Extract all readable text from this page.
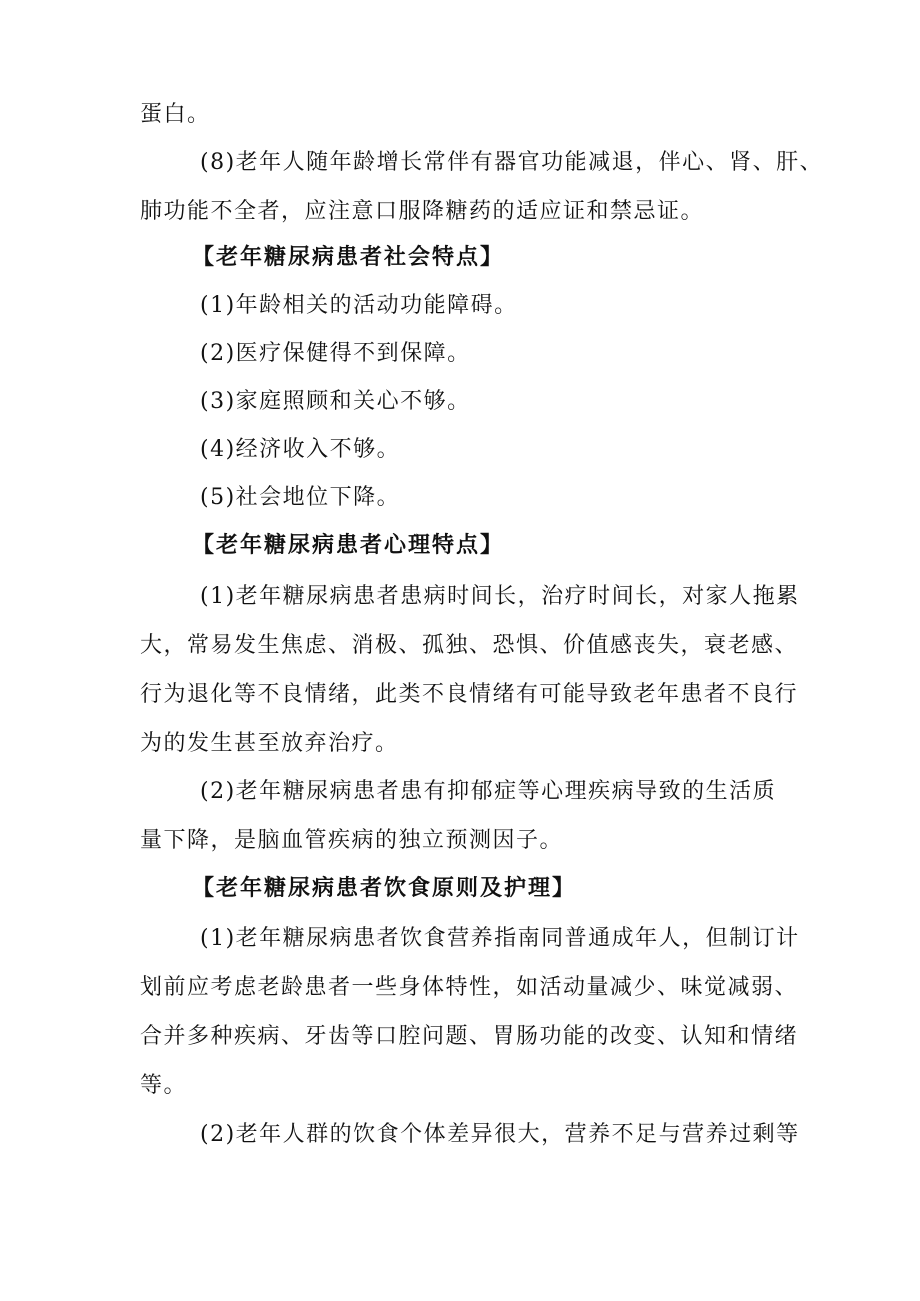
蛋白。
(8)老年人随年龄增长常伴有器官功能减退，伴心、肾、肝、
肺功能不全者，应注意口服降糖药的适应证和禁忌证。
【老年糖尿病患者社会特点】
(1)年龄相关的活动功能障碍。
(2)医疗保健得不到保障。
(3)家庭照顾和关心不够。
(4)经济收入不够。
(5)社会地位下降。
【老年糖尿病患者心理特点】
(1)老年糖尿病患者患病时间长，治疗时间长，对家人拖累
大，常易发生焦虑、消极、孤独、恐惧、价值感丧失，衰老感、
行为退化等不良情绪，此类不良情绪有可能导致老年患者不良行
为的发生甚至放弃治疗。
(2)老年糖尿病患者患有抑郁症等心理疾病导致的生活质
量下降，是脑血管疾病的独立预测因子。
【老年糖尿病患者饮食原则及护理】
(1)老年糖尿病患者饮食营养指南同普通成年人，但制订计
划前应考虑老龄患者一些身体特性，如活动量减少、味觉减弱、
合并多种疾病、牙齿等口腔问题、胃肠功能的改变、认知和情绪
等。
(2)老年人群的饮食个体差异很大，营养不足与营养过剩等
